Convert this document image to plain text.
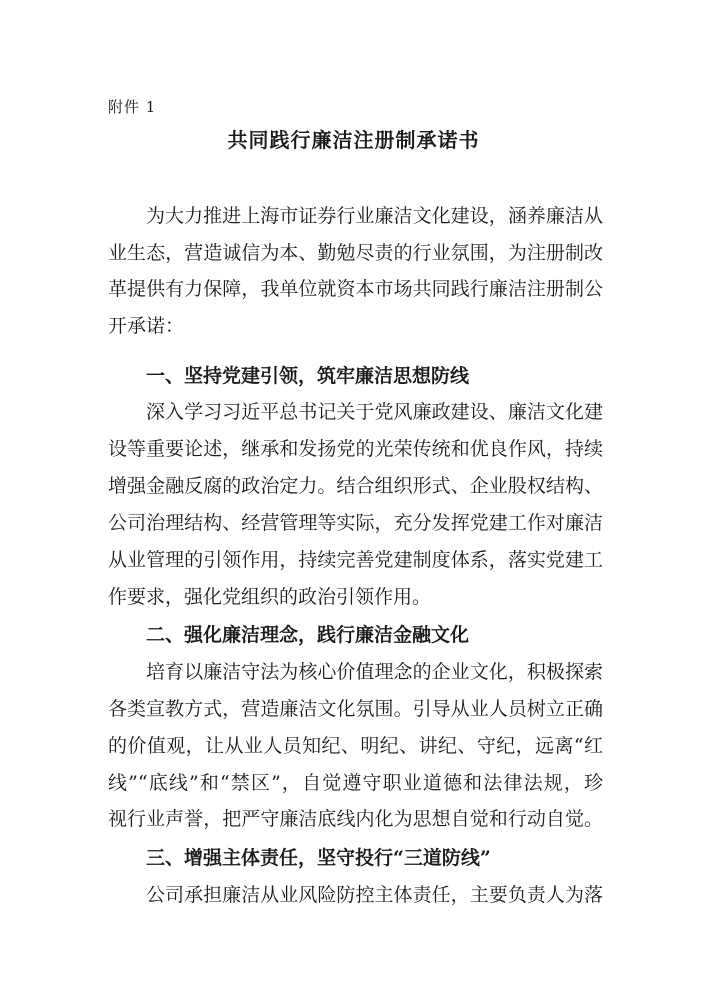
附件 1
共同践行廉洁注册制承诺书
为大力推进上海市证券行业廉洁文化建设，涵养廉洁从
业生态，营造诚信为本、勤勉尽责的行业氛围，为注册制改
革提供有力保障，我单位就资本市场共同践行廉洁注册制公
开承诺：
一、坚持党建引领，筑牢廉洁思想防线
深入学习习近平总书记关于党风廉政建设、廉洁文化建
设等重要论述，继承和发扬党的光荣传统和优良作风，持续
增强金融反腐的政治定力。结合组织形式、企业股权结构、
公司治理结构、经营管理等实际，充分发挥党建工作对廉洁
从业管理的引领作用，持续完善党建制度体系，落实党建工
作要求，强化党组织的政治引领作用。
二、强化廉洁理念，践行廉洁金融文化
培育以廉洁守法为核心价值理念的企业文化，积极探索
各类宣教方式，营造廉洁文化氛围。引导从业人员树立正确
的价值观，让从业人员知纪、明纪、讲纪、守纪，远离“红
线”“底线”和“禁区”，自觉遵守职业道德和法律法规，珍
视行业声誉，把严守廉洁底线内化为思想自觉和行动自觉。
三、增强主体责任，坚守投行“三道防线”
公司承担廉洁从业风险防控主体责任，主要负责人为落
